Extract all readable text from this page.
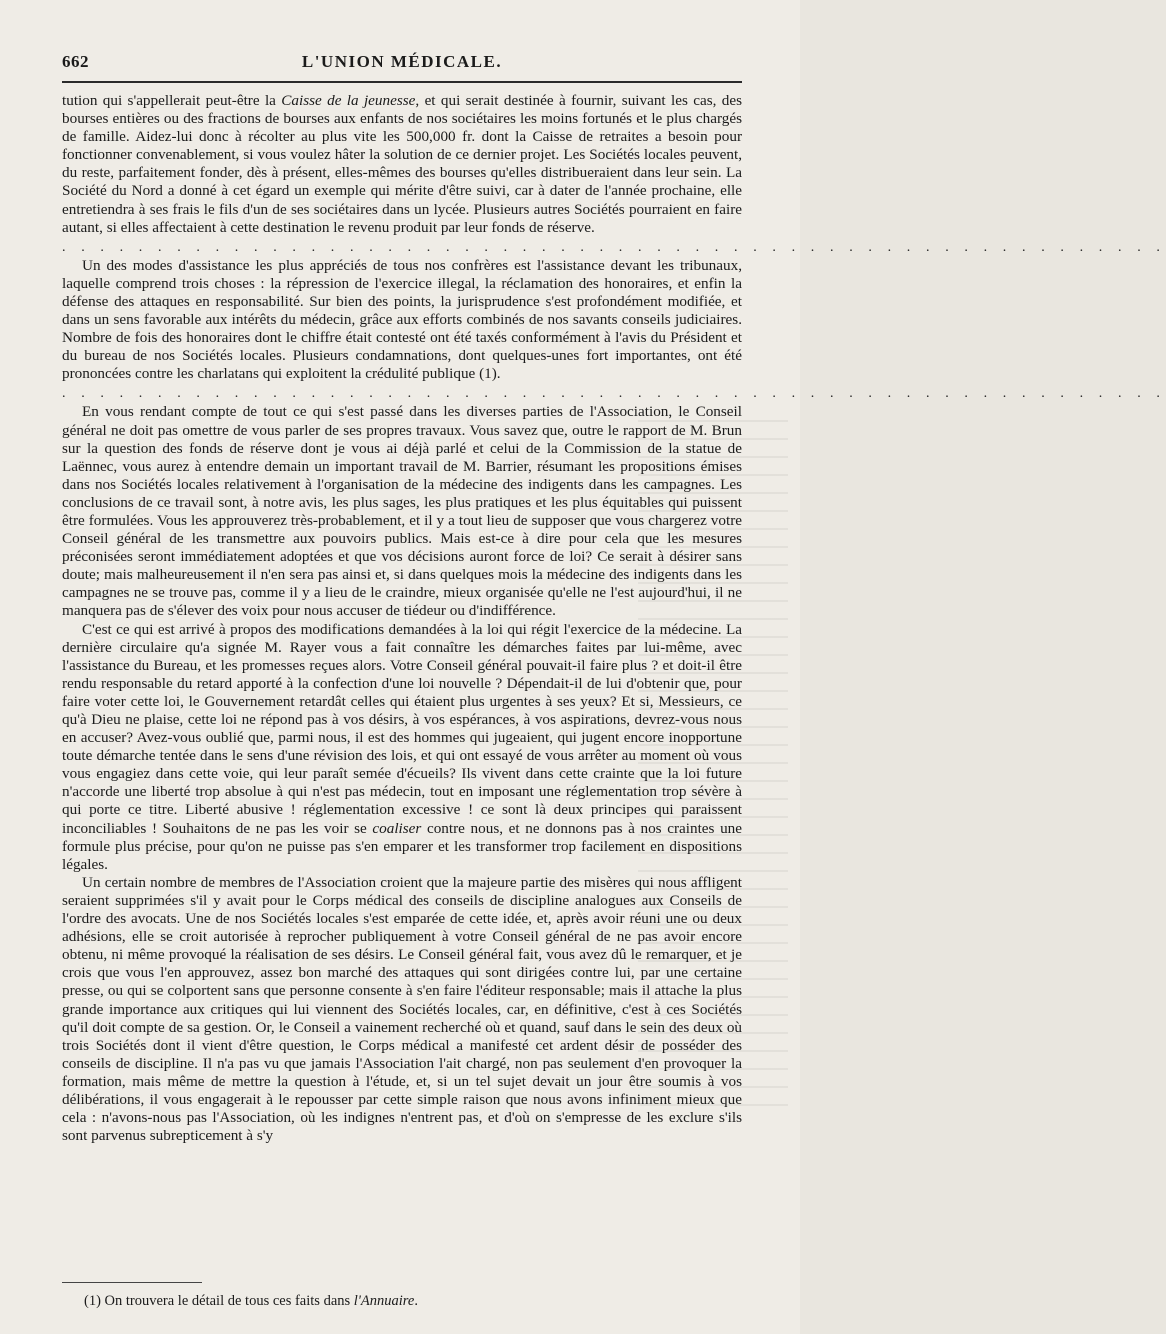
662	L'UNION MÉDICALE.

tution qui s'appellerait peut-être la Caisse de la jeunesse, et qui serait destinée à fournir, suivant les cas, des bourses entières ou des fractions de bourses aux enfants de nos sociétaires les moins fortunés et le plus chargés de famille. Aidez-lui donc à récolter au plus vite les 500,000 fr. dont la Caisse de retraites a besoin pour fonctionner convenablement, si vous voulez hâter la solution de ce dernier projet. Les Sociétés locales peuvent, du reste, parfaitement fonder, dès à présent, elles-mêmes des bourses qu'elles distribueraient dans leur sein. La Société du Nord a donné à cet égard un exemple qui mérite d'être suivi, car à dater de l'année prochaine, elle entretiendra à ses frais le fils d'un de ses sociétaires dans un lycée. Plusieurs autres Sociétés pourraient en faire autant, si elles affectaient à cette destination le revenu produit par leur fonds de réserve.

. . . . . . . . . . . . . . . . . . . . . . . . . . . . . . . . . . . . . . . . . . . . . . . . . . . . . . . . . .

Un des modes d'assistance les plus appréciés de tous nos confrères est l'assistance devant les tribunaux, laquelle comprend trois choses : la répression de l'exercice illegal, la réclamation des honoraires, et enfin la défense des attaques en responsabilité. Sur bien des points, la jurisprudence s'est profondément modifiée, et dans un sens favorable aux intérêts du médecin, grâce aux efforts combinés de nos savants conseils judiciaires. Nombre de fois des honoraires dont le chiffre était contesté ont été taxés conformément à l'avis du Président et du bureau de nos Sociétés locales. Plusieurs condamnations, dont quelques-unes fort importantes, ont été prononcées contre les charlatans qui exploitent la crédulité publique (1).

. . . . . . . . . . . . . . . . . . . . . . . . . . . . . . . . . . . . . . . . . . . . . . . . . . . . . . . . . .

En vous rendant compte de tout ce qui s'est passé dans les diverses parties de l'Association, le Conseil général ne doit pas omettre de vous parler de ses propres travaux. Vous savez que, outre le rapport de M. Brun sur la question des fonds de réserve dont je vous ai déjà parlé et celui de la Commission de la statue de Laënnec, vous aurez à entendre demain un important travail de M. Barrier, résumant les propositions émises dans nos Sociétés locales relativement à l'organisation de la médecine des indigents dans les campagnes. Les conclusions de ce travail sont, à notre avis, les plus sages, les plus pratiques et les plus équitables qui puissent être formulées. Vous les approuverez très-probablement, et il y a tout lieu de supposer que vous chargerez votre Conseil général de les transmettre aux pouvoirs publics. Mais est-ce à dire pour cela que les mesures préconisées seront immédiatement adoptées et que vos décisions auront force de loi? Ce serait à désirer sans doute; mais malheureusement il n'en sera pas ainsi et, si dans quelques mois la médecine des indigents dans les campagnes ne se trouve pas, comme il y a lieu de le craindre, mieux organisée qu'elle ne l'est aujourd'hui, il ne manquera pas de s'élever des voix pour nous accuser de tiédeur ou d'indifférence.

C'est ce qui est arrivé à propos des modifications demandées à la loi qui régit l'exercice de la médecine. La dernière circulaire qu'a signée M. Rayer vous a fait connaître les démarches faites par lui-même, avec l'assistance du Bureau, et les promesses reçues alors. Votre Conseil général pouvait-il faire plus ? et doit-il être rendu responsable du retard apporté à la confection d'une loi nouvelle ? Dépendait-il de lui d'obtenir que, pour faire voter cette loi, le Gouvernement retardât celles qui étaient plus urgentes à ses yeux? Et si, Messieurs, ce qu'à Dieu ne plaise, cette loi ne répond pas à vos désirs, à vos espérances, à vos aspirations, devrez-vous nous en accuser? Avez-vous oublié que, parmi nous, il est des hommes qui jugeaient, qui jugent encore inopportune toute démarche tentée dans le sens d'une révision des lois, et qui ont essayé de vous arrêter au moment où vous vous engagiez dans cette voie, qui leur paraît semée d'écueils? Ils vivent dans cette crainte que la loi future n'accorde une liberté trop absolue à qui n'est pas médecin, tout en imposant une réglementation trop sévère à qui porte ce titre. Liberté abusive ! réglementation excessive ! ce sont là deux principes qui paraissent inconciliables ! Souhaitons de ne pas les voir se coaliser contre nous, et ne donnons pas à nos craintes une formule plus précise, pour qu'on ne puisse pas s'en emparer et les transformer trop facilement en dispositions légales.

Un certain nombre de membres de l'Association croient que la majeure partie des misères qui nous affligent seraient supprimées s'il y avait pour le Corps médical des conseils de discipline analogues aux Conseils de l'ordre des avocats. Une de nos Sociétés locales s'est emparée de cette idée, et, après avoir réuni une ou deux adhésions, elle se croit autorisée à reprocher publiquement à votre Conseil général de ne pas avoir encore obtenu, ni même provoqué la réalisation de ses désirs. Le Conseil général fait, vous avez dû le remarquer, et je crois que vous l'en approuvez, assez bon marché des attaques qui sont dirigées contre lui, par une certaine presse, ou qui se colportent sans que personne consente à s'en faire l'éditeur responsable; mais il attache la plus grande importance aux critiques qui lui viennent des Sociétés locales, car, en définitive, c'est à ces Sociétés qu'il doit compte de sa gestion. Or, le Conseil a vainement recherché où et quand, sauf dans le sein des deux où trois Sociétés dont il vient d'être question, le Corps médical a manifesté cet ardent désir de posséder des conseils de discipline. Il n'a pas vu que jamais l'Association l'ait chargé, non pas seulement d'en provoquer la formation, mais même de mettre la question à l'étude, et, si un tel sujet devait un jour être soumis à vos délibérations, il vous engagerait à le repousser par cette simple raison que nous avons infiniment mieux que cela : n'avons-nous pas l'Association, où les indignes n'entrent pas, et d'où on s'empresse de les exclure s'ils sont parvenus subrepticement à s'y

(1) On trouvera le détail de tous ces faits dans l'Annuaire.
